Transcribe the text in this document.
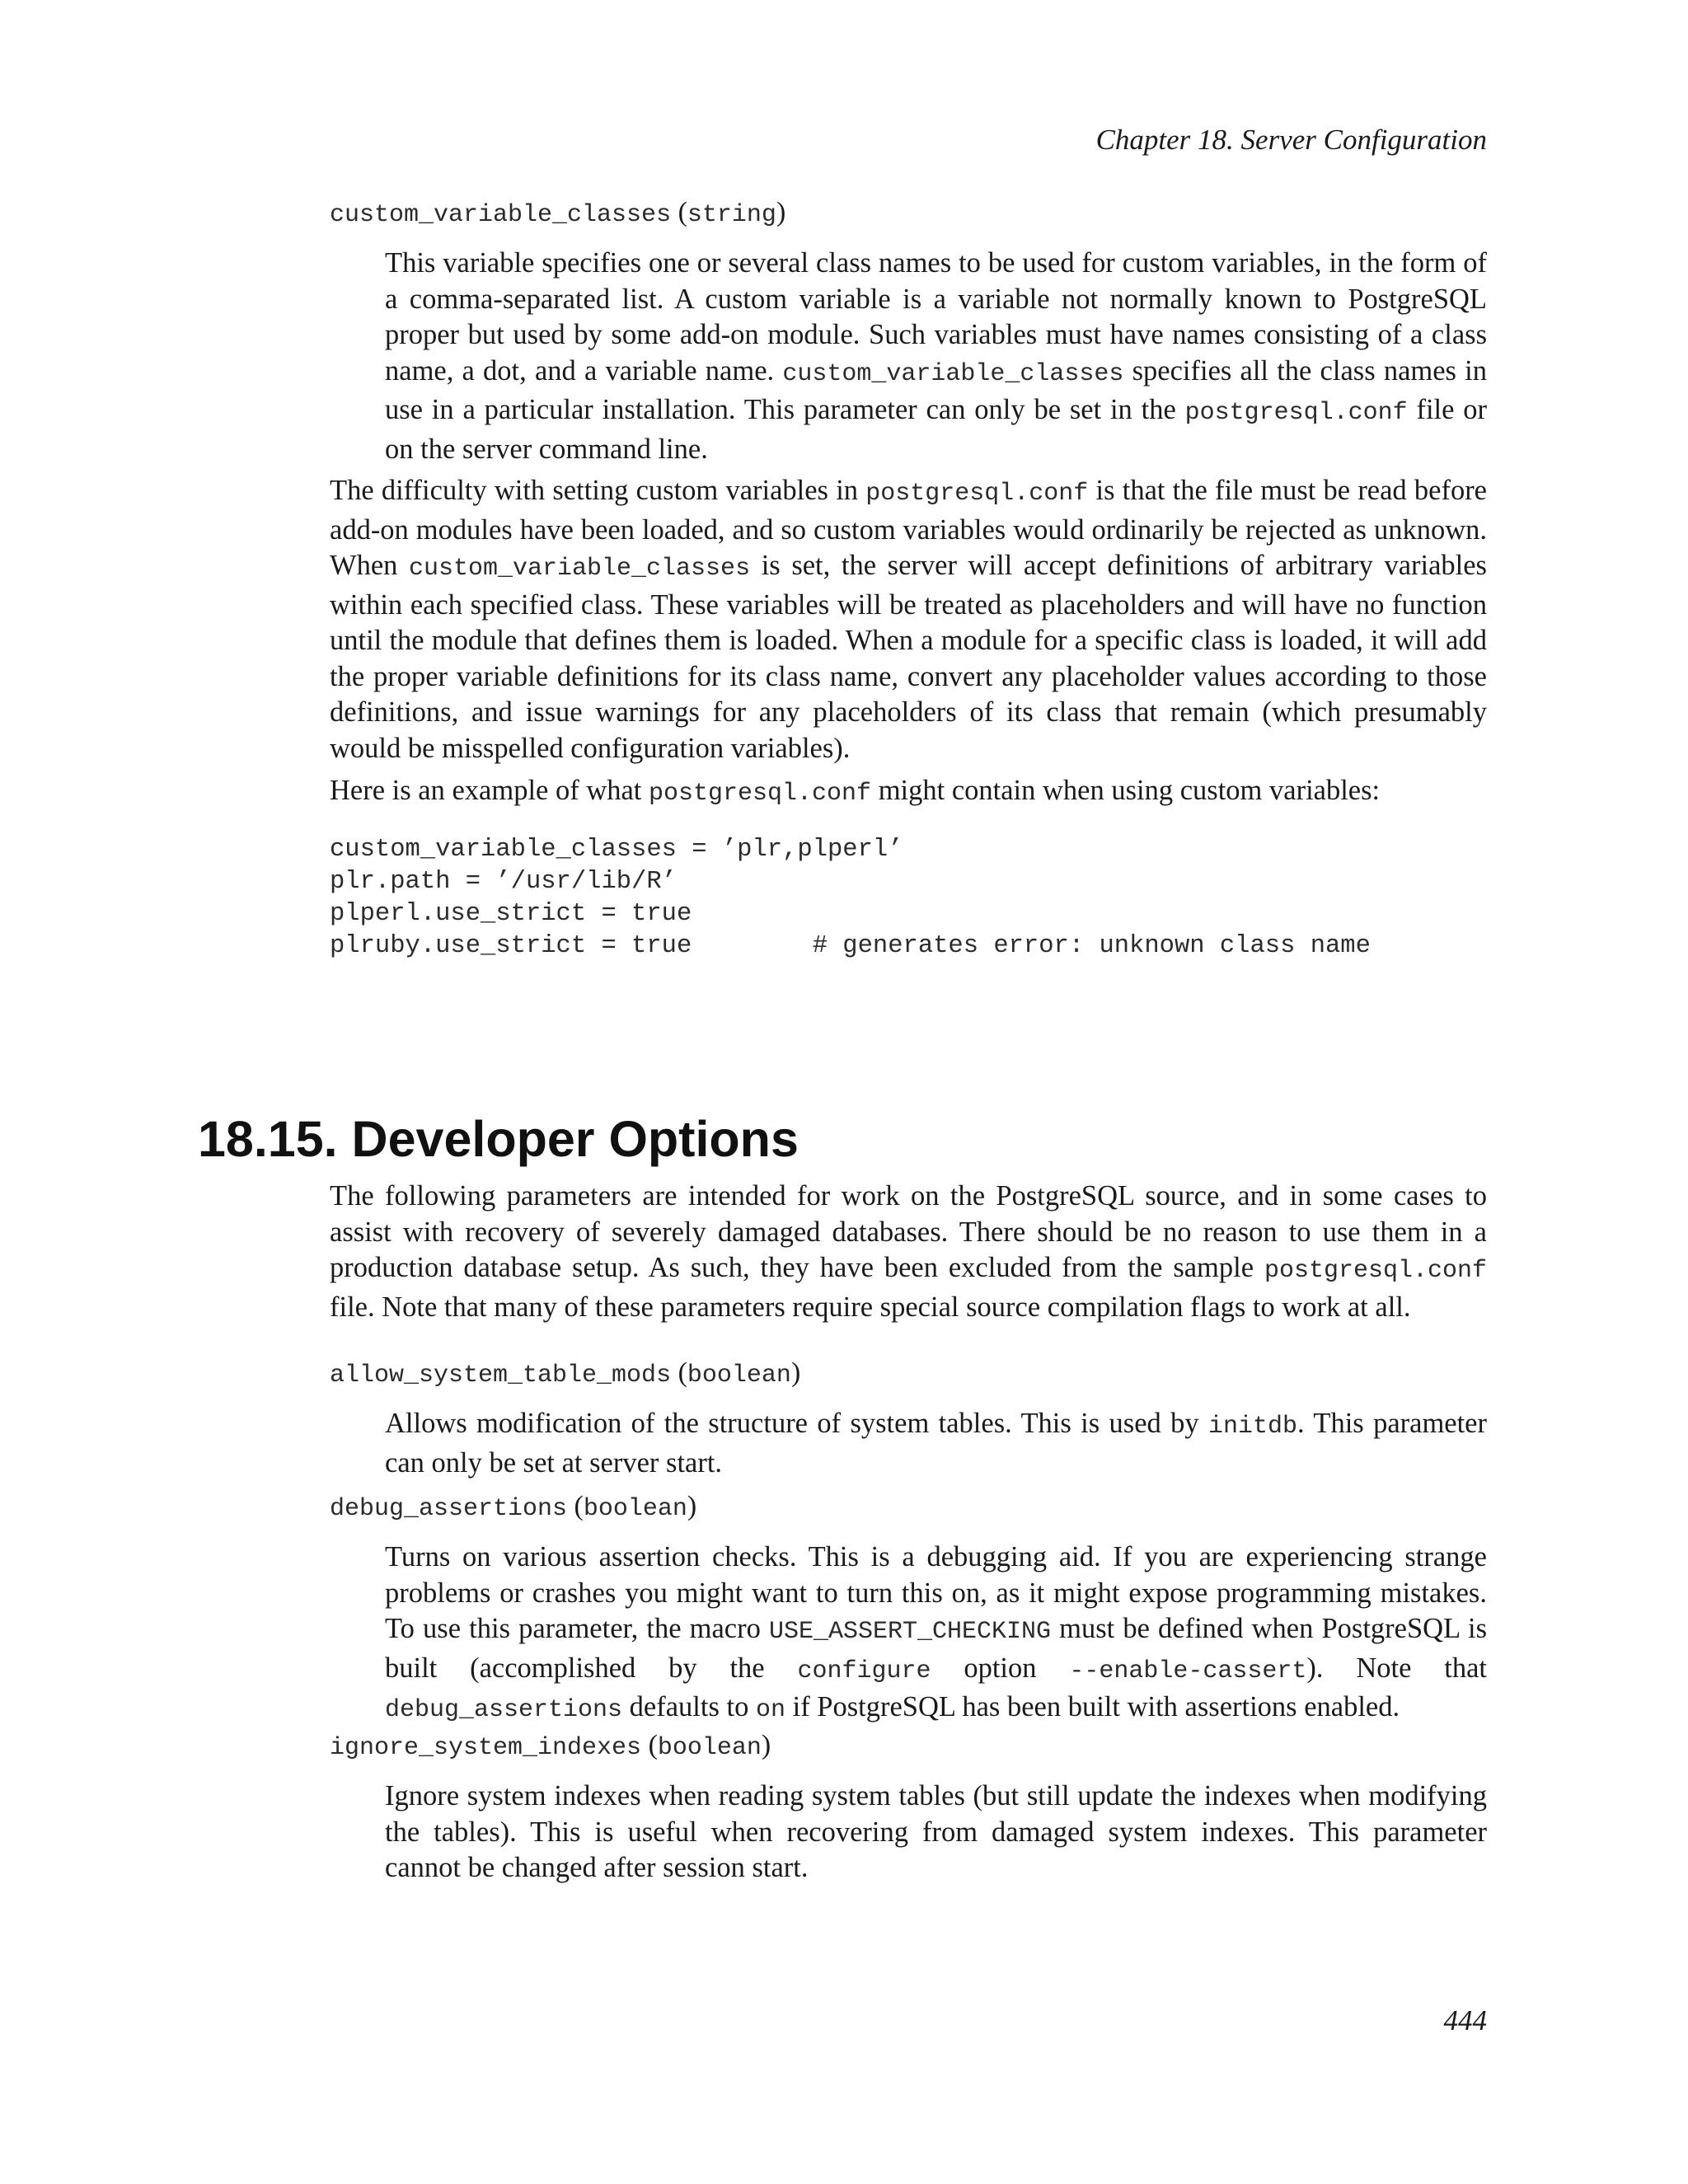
Chapter 18. Server Configuration
custom_variable_classes (string)

This variable specifies one or several class names to be used for custom variables, in the form of a comma-separated list. A custom variable is a variable not normally known to PostgreSQL proper but used by some add-on module. Such variables must have names consisting of a class name, a dot, and a variable name. custom_variable_classes specifies all the class names in use in a particular installation. This parameter can only be set in the postgresql.conf file or on the server command line.

The difficulty with setting custom variables in postgresql.conf is that the file must be read before add-on modules have been loaded, and so custom variables would ordinarily be rejected as unknown. When custom_variable_classes is set, the server will accept definitions of arbitrary variables within each specified class. These variables will be treated as placeholders and will have no function until the module that defines them is loaded. When a module for a specific class is loaded, it will add the proper variable definitions for its class name, convert any placeholder values according to those definitions, and issue warnings for any placeholders of its class that remain (which presumably would be misspelled configuration variables).

Here is an example of what postgresql.conf might contain when using custom variables:

custom_variable_classes = ’plr,plperl’
plr.path = ’/usr/lib/R’
plperl.use_strict = true
plruby.use_strict = true        # generates error: unknown class name
18.15. Developer Options

The following parameters are intended for work on the PostgreSQL source, and in some cases to assist with recovery of severely damaged databases. There should be no reason to use them in a production database setup. As such, they have been excluded from the sample postgresql.conf file. Note that many of these parameters require special source compilation flags to work at all.

allow_system_table_mods (boolean)

Allows modification of the structure of system tables. This is used by initdb. This parameter can only be set at server start.

debug_assertions (boolean)

Turns on various assertion checks. This is a debugging aid. If you are experiencing strange problems or crashes you might want to turn this on, as it might expose programming mistakes. To use this parameter, the macro USE_ASSERT_CHECKING must be defined when PostgreSQL is built (accomplished by the configure option --enable-cassert). Note that debug_assertions defaults to on if PostgreSQL has been built with assertions enabled.

ignore_system_indexes (boolean)

Ignore system indexes when reading system tables (but still update the indexes when modifying the tables). This is useful when recovering from damaged system indexes. This parameter cannot be changed after session start.

444
